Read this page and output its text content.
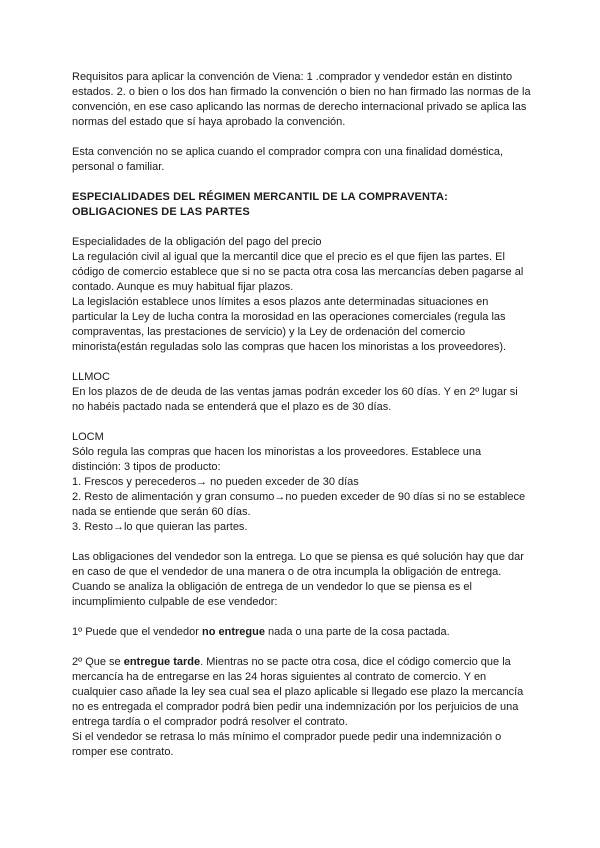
Requisitos para aplicar la convención de Viena: 1 .comprador y vendedor están en distinto estados. 2. o bien o los dos han firmado la convención o bien no han firmado las normas de la convención, en ese caso aplicando las normas de derecho internacional privado se aplica las normas del estado que sí haya aprobado la convención.

Esta convención no se aplica cuando el comprador compra con una finalidad doméstica, personal o familiar.

ESPECIALIDADES DEL RÉGIMEN MERCANTIL DE LA COMPRAVENTA:
OBLIGACIONES DE LAS PARTES

Especialidades de la obligación del pago del precio

La regulación civil al igual que la mercantil dice que el precio es el que fijen las partes. El código de comercio establece que si no se pacta otra cosa las mercancías deben pagarse al contado. Aunque es muy habitual fijar plazos.

La legislación establece unos límites a esos plazos ante determinadas situaciones en particular la Ley de lucha contra la morosidad en las operaciones comerciales (regula las compraventas, las prestaciones de servicio) y la Ley de ordenación del comercio minorista(están reguladas solo las compras que hacen los minoristas a los proveedores).

LLMOC

En los plazos de de deuda de las ventas jamas podrán exceder los 60 días. Y en 2º lugar si no habéis pactado nada se entenderá que el plazo es de 30 días.

LOCM

Sólo regula las compras que hacen los minoristas a los proveedores. Establece una distinción: 3 tipos de producto:

1. Frescos y perecederos→ no pueden exceder de 30 días

2. Resto de alimentación y gran consumo→no pueden exceder de 90 días si no se establece nada se entiende que serán 60 días.

3. Resto→lo que quieran las partes.

Las obligaciones del vendedor son la entrega. Lo que se piensa es qué solución hay que dar en caso de que el vendedor de una manera o de otra incumpla la obligación de entrega. Cuando se analiza la obligación de entrega de un vendedor lo que se piensa es el incumplimiento culpable de ese vendedor:

1º Puede que el vendedor no entregue nada o una parte de la cosa pactada.

2º Que se entregue tarde. Mientras no se pacte otra cosa, dice el código comercio que la mercancía ha de entregarse en las 24 horas siguientes al contrato de comercio. Y en cualquier caso añade la ley sea cual sea el plazo aplicable si llegado ese plazo la mercancía no es entregada el comprador podrá bien pedir una indemnización por los perjuicios de una entrega tardía o el comprador podrá resolver el contrato.

Si el vendedor se retrasa lo más mínimo el comprador puede pedir una indemnización o romper ese contrato.
